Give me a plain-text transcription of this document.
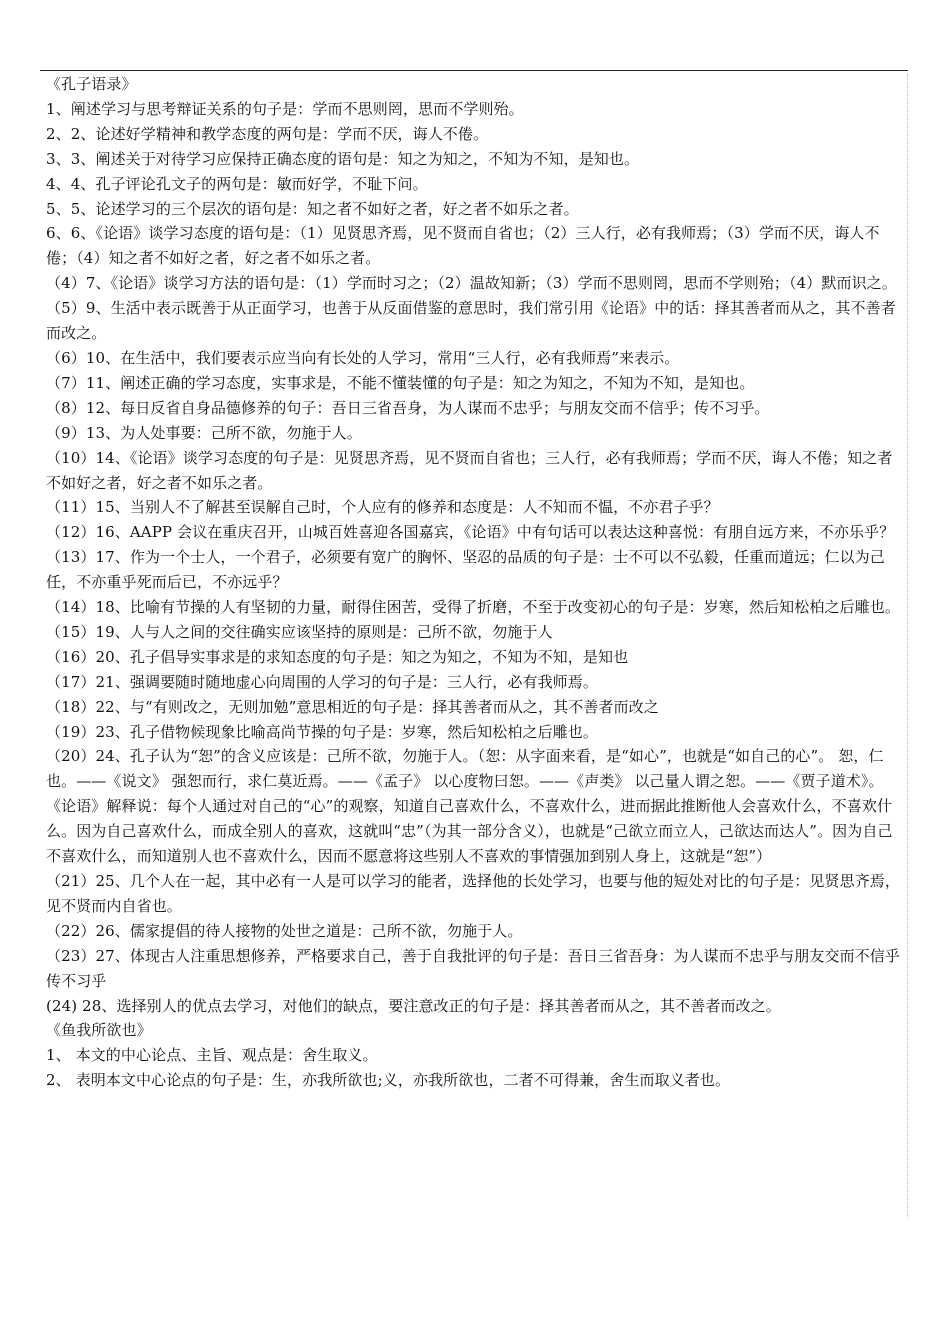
《孔子语录》

1、阐述学习与思考辩证关系的句子是：学而不思则罔，思而不学则殆。

2、2、论述好学精神和教学态度的两句是：学而不厌，诲人不倦。

3、3、阐述关于对待学习应保持正确态度的语句是：知之为知之，不知为不知，是知也。

4、4、孔子评论孔文子的两句是：敏而好学，不耻下问。

5、5、论述学习的三个层次的语句是：知之者不如好之者，好之者不如乐之者。

6、6、《论语》谈学习态度的语句是：（1）见贤思齐焉，见不贤而自省也；（2）三人行，必有我师焉；（3）学而不厌，诲人不倦；（4）知之者不如好之者，好之者不如乐之者。

（4）7、《论语》谈学习方法的语句是：（1）学而时习之；（2）温故知新；（3）学而不思则罔，思而不学则殆；（4）默而识之。

（5）9、生活中表示既善于从正面学习，也善于从反面借鉴的意思时，我们常引用《论语》中的话：择其善者而从之，其不善者而改之。

（6）10、在生活中，我们要表示应当向有长处的人学习，常用“三人行，必有我师焉”来表示。

（7）11、阐述正确的学习态度，实事求是，不能不懂装懂的句子是：知之为知之，不知为不知，是知也。

（8）12、每日反省自身品德修养的句子：吾日三省吾身，为人谋而不忠乎；与朋友交而不信乎；传不习乎。

（9）13、为人处事要：己所不欲，勿施于人。

（10）14、《论语》谈学习态度的句子是：见贤思齐焉，见不贤而自省也；三人行，必有我师焉；学而不厌，诲人不倦；知之者不如好之者，好之者不如乐之者。

（11）15、当别人不了解甚至误解自己时，个人应有的修养和态度是：人不知而不愠，不亦君子乎？

（12）16、AAPP 会议在重庆召开，山城百姓喜迎各国嘉宾，《论语》中有句话可以表达这种喜悦：有朋自远方来，不亦乐乎？

（13）17、作为一个士人，一个君子，必须要有宽广的胸怀、坚忍的品质的句子是：士不可以不弘毅，任重而道远；仁以为己任，不亦重乎死而后已，不亦远乎？

（14）18、比喻有节操的人有坚韧的力量，耐得住困苦，受得了折磨，不至于改变初心的句子是：岁寒，然后知松柏之后雕也。

（15）19、人与人之间的交往确实应该坚持的原则是：己所不欲，勿施于人

（16）20、孔子倡导实事求是的求知态度的句子是：知之为知之，不知为不知，是知也

（17）21、强调要随时随地虚心向周围的人学习的句子是：三人行，必有我师焉。

（18）22、与“有则改之，无则加勉”意思相近的句子是：择其善者而从之，其不善者而改之

（19）23、孔子借物候现象比喻高尚节操的句子是：岁寒，然后知松柏之后雕也。

（20）24、孔子认为“恕”的含义应该是：己所不欲，勿施于人。（恕：从字面来看，是“如心”，也就是“如自己的心”。 恕，仁也。——《说文》 强恕而行，求仁莫近焉。——《孟子》 以心度物曰恕。——《声类》 以己量人谓之恕。——《贾子道术》。《论语》解释说：每个人通过对自己的“心”的观察，知道自己喜欢什么，不喜欢什么，进而据此推断他人会喜欢什么，不喜欢什么。因为自己喜欢什么，而成全别人的喜欢，这就叫“忠”（为其一部分含义），也就是“己欲立而立人，己欲达而达人”。因为自己不喜欢什么，而知道别人也不喜欢什么，因而不愿意将这些别人不喜欢的事情强加到别人身上，这就是“恕”）

（21）25、几个人在一起，其中必有一人是可以学习的能者，选择他的长处学习，也要与他的短处对比的句子是：见贤思齐焉，见不贤而内自省也。

（22）26、儒家提倡的待人接物的处世之道是：己所不欲，勿施于人。

（23）27、体现古人注重思想修养，严格要求自己，善于自我批评的句子是：吾日三省吾身：为人谋而不忠乎与朋友交而不信乎传不习乎

(24) 28、选择别人的优点去学习，对他们的缺点，要注意改正的句子是：择其善者而从之，其不善者而改之。

《鱼我所欲也》

1、 本文的中心论点、主旨、观点是：舍生取义。

2、 表明本文中心论点的句子是：生，亦我所欲也;义，亦我所欲也，二者不可得兼，舍生而取义者也。
